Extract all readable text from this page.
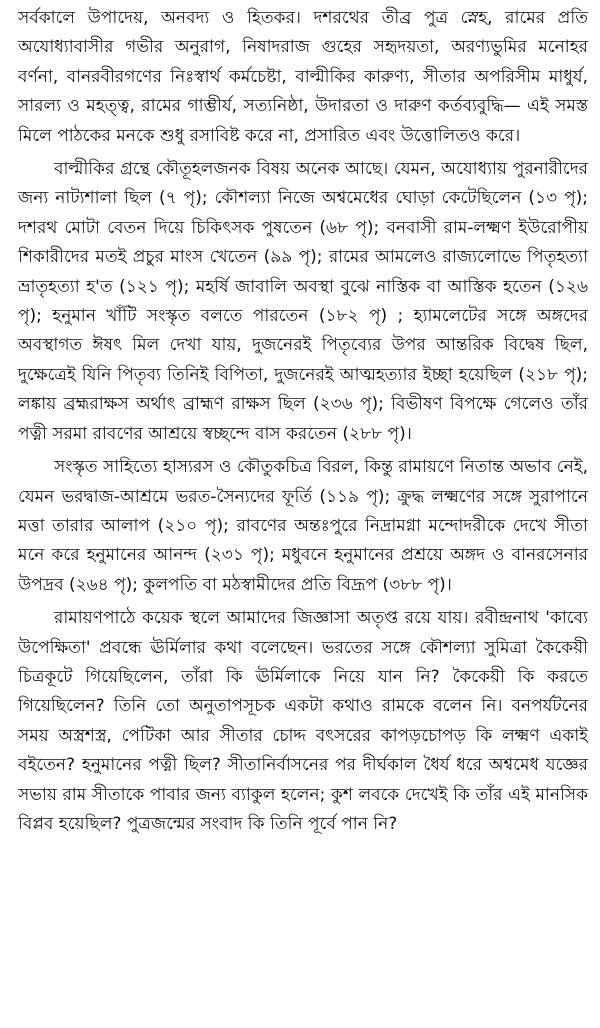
সর্বকালে উপাদেয়, অনবদ্য ও হিতকর। দশরথের তীব্র পুত্র স্নেহ, রামের প্রতি অযোধ্যাবাসীর গভীর অনুরাগ, নিষাদরাজ গুহের সহৃদয়তা, অরণ্যভুমির মনোহর বর্ণনা, বানরবীরগণের নিঃস্বার্থ কর্মচেষ্টা, বাল্মীকির কারুণ্য, সীতার অপরিসীম মাধুর্য, সারল্য ও মহত্ত্ব, রামের গাম্ভীর্য, সত্যনিষ্ঠা, উদারতা ও দারুণ কর্তব্যবুদ্ধি— এই সমস্ত মিলে পাঠকের মনকে শুধু রসাবিষ্ট করে না, প্রসারিত এবং উত্তোলিতও করে।

বাল্মীকির গ্রন্থে কৌতূহলজনক বিষয় অনেক আছে। যেমন, অযোধ্যায় পুরনারীদের জন্য নাট্যশালা ছিল (৭ পৃ); কৌশল্যা নিজে অশ্বমেধের ঘোড়া কেটেছিলেন (১৩ পৃ); দশরথ মোটা বেতন দিয়ে চিকিৎসক পুষতেন (৬৮ পৃ); বনবাসী রাম-লক্ষ্মণ ইউরোপীয় শিকারীদের মতই প্রচুর মাংস খেতেন (৯৯ পৃ); রামের আমলেও রাজ্যলোভে পিতৃহত্যা ভ্রাতৃহত্যা হ'ত (১২১ পৃ); মহর্ষি জাবালি অবস্থা বুঝে নাস্তিক বা আস্তিক হতেন (১২৬ পৃ); হনুমান খাঁটি সংস্কৃত বলতে পারতেন (১৮২ পৃ) ; হ্যামলেটের সঙ্গে অঙ্গদের অবস্থাগত ঈষৎ মিল দেখা যায়, দুজনেরই পিতৃব্যের উপর আন্তরিক বিদ্বেষ ছিল, দুক্ষেত্রেই যিনি পিতৃব্য তিনিই বিপিতা, দুজনেরই আত্মহত্যার ইচ্ছা হয়েছিল (২১৮ পৃ); লঙ্কায় ব্রহ্মরাক্ষস অর্থাৎ ব্রাহ্মণ রাক্ষস ছিল (২৩৬ পৃ); বিভীষণ বিপক্ষে গেলেও তাঁর পত্নী সরমা রাবণের আশ্রয়ে স্বচ্ছন্দে বাস করতেন (২৮৮ পৃ)।

সংস্কৃত সাহিত্যে হাস্যরস ও কৌতুকচিত্র বিরল, কিন্তু রামায়ণে নিতান্ত অভাব নেই, যেমন ভরদ্বাজ-আশ্রমে ভরত-সৈন্যদের ফূর্তি (১১৯ পৃ); ক্রুদ্ধ লক্ষ্মণের সঙ্গে সুরাপানে মত্তা তারার আলাপ (২১০ পৃ); রাবণের অন্তঃপুরে নিদ্রামগ্না মন্দোদরীকে দেখে সীতা মনে করে হনুমানের আনন্দ (২৩১ পৃ); মধুবনে হনুমানের প্রশ্রয়ে অঙ্গদ ও বানরসেনার উপদ্রব (২৬৪ পৃ); কুলপতি বা মঠস্বামীদের প্রতি বিদ্রূপ (৩৮৮ পৃ)।

রামায়ণপাঠে কয়েক স্থলে আমাদের জিজ্ঞাসা অতৃপ্ত রয়ে যায়। রবীন্দ্রনাথ 'কাব্যে উপেক্ষিতা' প্রবন্ধে ঊর্মিলার কথা বলেছেন। ভরতের সঙ্গে কৌশল্যা সুমিত্রা কৈকেয়ী চিত্রকূটে গিয়েছিলেন, তাঁরা কি ঊর্মিলাকে নিয়ে যান নি? কৈকেয়ী কি করতে গিয়েছিলেন? তিনি তো অনুতাপসূচক একটা কথাও রামকে বলেন নি। বনপর্যটনের সময় অস্ত্রশস্ত্র, পেটিকা আর সীতার চোদ্দ বৎসরের কাপড়চোপড় কি লক্ষ্মণ একাই বইতেন? হনুমানের পত্নী ছিল? সীতানির্বাসনের পর দীর্ঘকাল ধৈর্য ধরে অশ্বমেধ যজ্ঞের সভায় রাম সীতাকে পাবার জন্য ব্যাকুল হলেন; কুশ লবকে দেখেই কি তাঁর এই মানসিক বিপ্লব হয়েছিল? পুত্রজন্মের সংবাদ কি তিনি পূর্বে পান নি?
